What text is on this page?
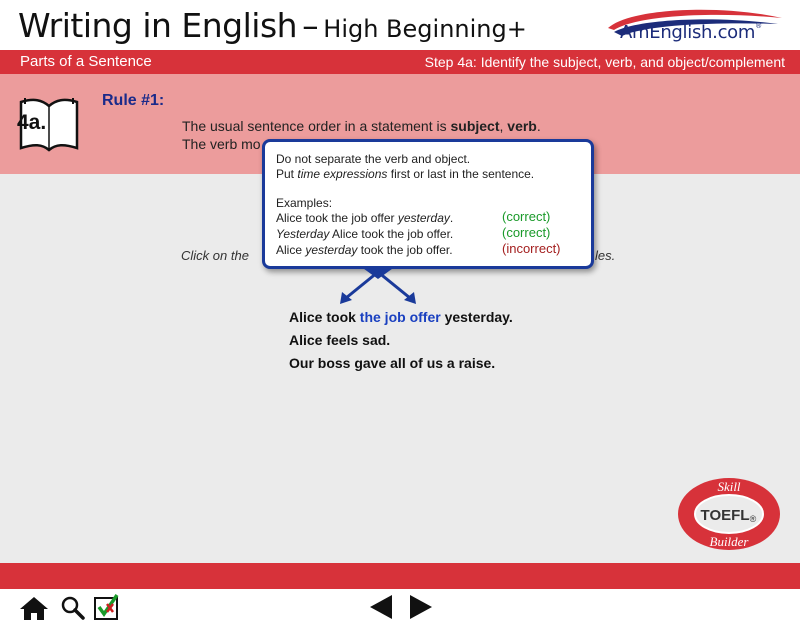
Writing in English – High Beginning+	AmEnglish.com®
Parts of a Sentence	Step 4a: Identify the subject, verb, and object/complement
4a.
Rule #1:
The usual sentence order in a statement is subject, verb.
The verb mo
Click on the	les.
Do not separate the verb and object.
Put time expressions first or last in the sentence.
Examples:
Alice took the job offer yesterday.	(correct)
Yesterday Alice took the job offer.	(correct)
Alice yesterday took the job offer.	(incorrect)
Alice took the job offer yesterday.
Alice feels sad.
Our boss gave all of us a raise.
Skill
TOEFL ®
Builder
